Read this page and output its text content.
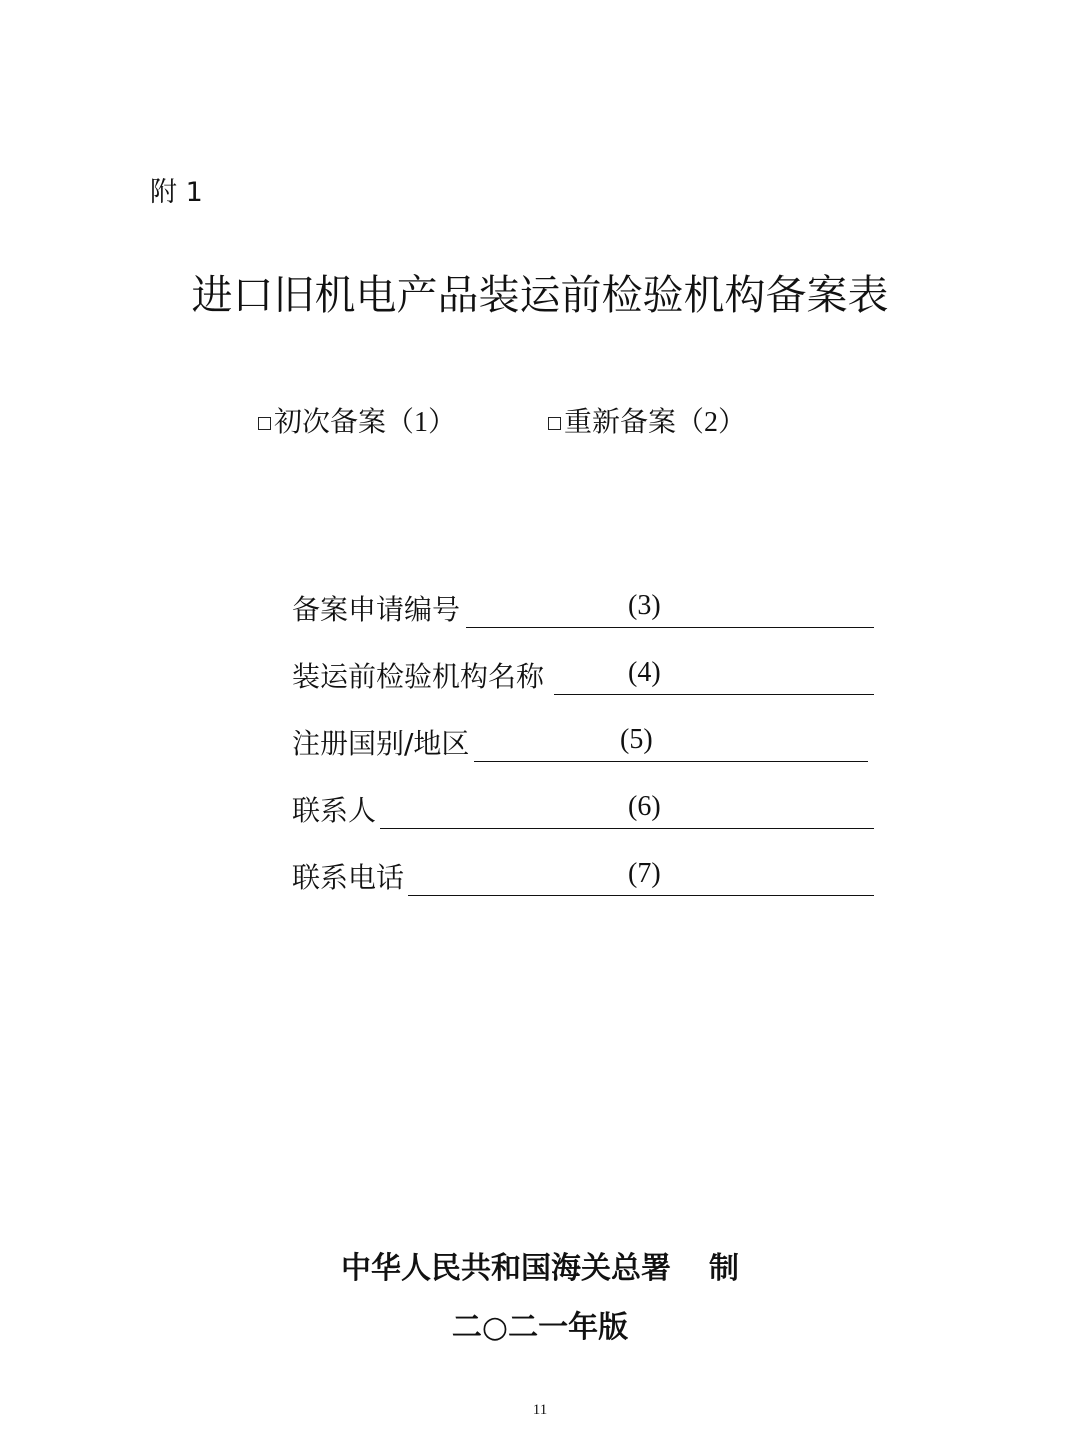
附 1
进口旧机电产品装运前检验机构备案表
初次备案 （1）	重新备案 （2）
备案申请编号	(3)
装运前检验机构名称	(4)
注册国别/地区	(5)
联系人	(6)
联系电话	(7)
中华人民共和国海关总署 制
二○二一年版
11
